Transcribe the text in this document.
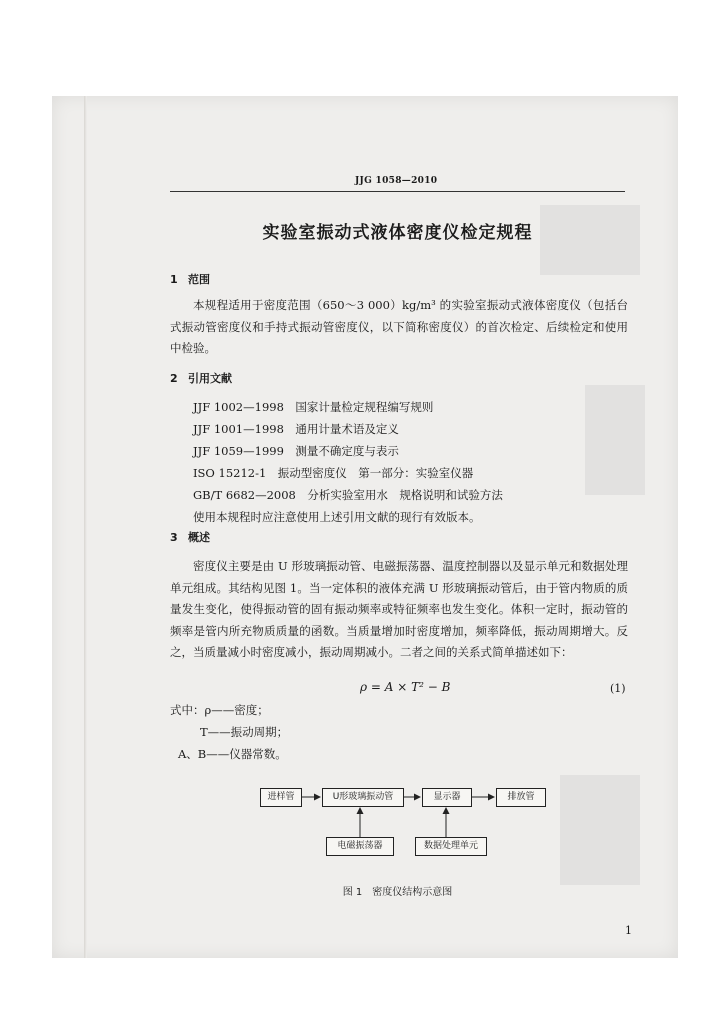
JJG 1058—2010
实验室振动式液体密度仪检定规程
1 范围
本规程适用于密度范围（650～3 000）kg/m³ 的实验室振动式液体密度仪（包括台式振动管密度仪和手持式振动管密度仪，以下简称密度仪）的首次检定、后续检定和使用中检验。
2 引用文献
JJF 1002—1998　国家计量检定规程编写规则
JJF 1001—1998　通用计量术语及定义
JJF 1059—1999　测量不确定度与表示
ISO 15212-1　振动型密度仪　第一部分：实验室仪器
GB/T 6682—2008　分析实验室用水　规格说明和试验方法
使用本规程时应注意使用上述引用文献的现行有效版本。
3 概述
密度仪主要是由 U 形玻璃振动管、电磁振荡器、温度控制器以及显示单元和数据处理单元组成。其结构见图 1。当一定体积的液体充满 U 形玻璃振动管后，由于管内物质的质量发生变化，使得振动管的固有振动频率或特征频率也发生变化。体积一定时，振动管的频率是管内所充物质质量的函数。当质量增加时密度增加，频率降低，振动周期增大。反之，当质量减小时密度减小，振动周期减小。二者之间的关系式简单描述如下：
ρ = A × T² − B	(1)
式中：ρ——密度；
T——振动周期；
A、B——仪器常数。
进样管	U形玻璃振动管	显示器	排放管
电磁振荡器	数据处理单元
图 1　密度仪结构示意图
1
